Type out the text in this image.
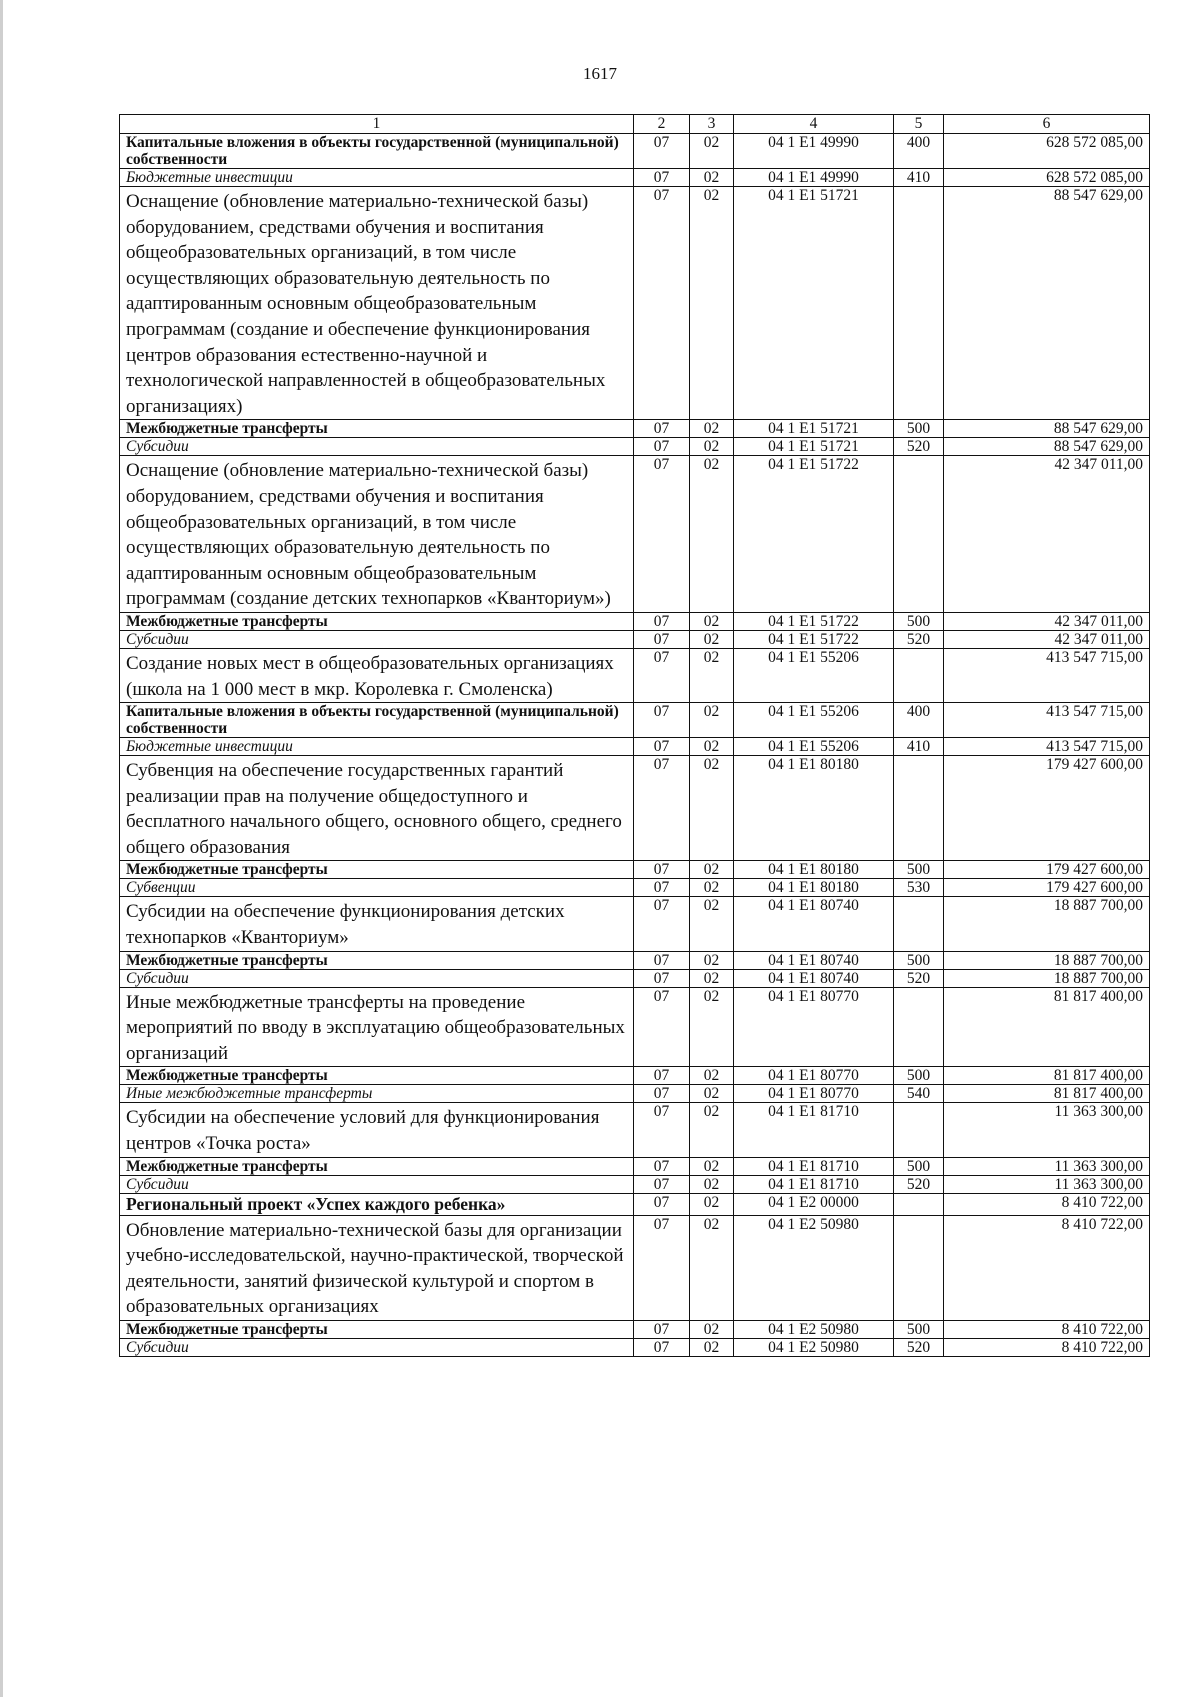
1617
1	2	3	4	5	6
Капитальные вложения в объекты государственной (муниципальной) собственности	07	02	04 1 E1 49990	400	628 572 085,00
Бюджетные инвестиции	07	02	04 1 E1 49990	410	628 572 085,00
Оснащение (обновление материально-технической базы) оборудованием, средствами обучения и воспитания общеобразовательных организаций, в том числе осуществляющих образовательную деятельность по адаптированным основным общеобразовательным программам (создание и обеспечение функционирования центров образования естественно-научной и технологической направленностей в общеобразовательных организациях)	07	02	04 1 E1 51721		88 547 629,00
Межбюджетные трансферты	07	02	04 1 E1 51721	500	88 547 629,00
Субсидии	07	02	04 1 E1 51721	520	88 547 629,00
Оснащение (обновление материально-технической базы) оборудованием, средствами обучения и воспитания общеобразовательных организаций, в том числе осуществляющих образовательную деятельность по адаптированным основным общеобразовательным программам (создание детских технопарков «Кванториум»)	07	02	04 1 E1 51722		42 347 011,00
Межбюджетные трансферты	07	02	04 1 E1 51722	500	42 347 011,00
Субсидии	07	02	04 1 E1 51722	520	42 347 011,00
Создание новых мест в общеобразовательных организациях (школа на 1 000 мест в мкр. Королевка г. Смоленска)	07	02	04 1 E1 55206		413 547 715,00
Капитальные вложения в объекты государственной (муниципальной) собственности	07	02	04 1 E1 55206	400	413 547 715,00
Бюджетные инвестиции	07	02	04 1 E1 55206	410	413 547 715,00
Субвенция на обеспечение государственных гарантий реализации прав на получение общедоступного и бесплатного начального общего, основного общего, среднего общего образования	07	02	04 1 E1 80180		179 427 600,00
Межбюджетные трансферты	07	02	04 1 E1 80180	500	179 427 600,00
Субвенции	07	02	04 1 E1 80180	530	179 427 600,00
Субсидии на обеспечение функционирования детских технопарков «Кванториум»	07	02	04 1 E1 80740		18 887 700,00
Межбюджетные трансферты	07	02	04 1 E1 80740	500	18 887 700,00
Субсидии	07	02	04 1 E1 80740	520	18 887 700,00
Иные межбюджетные трансферты на проведение мероприятий по вводу в эксплуатацию общеобразовательных организаций	07	02	04 1 E1 80770		81 817 400,00
Межбюджетные трансферты	07	02	04 1 E1 80770	500	81 817 400,00
Иные межбюджетные трансферты	07	02	04 1 E1 80770	540	81 817 400,00
Субсидии на обеспечение условий для функционирования центров «Точка роста»	07	02	04 1 E1 81710		11 363 300,00
Межбюджетные трансферты	07	02	04 1 E1 81710	500	11 363 300,00
Субсидии	07	02	04 1 E1 81710	520	11 363 300,00
Региональный проект «Успех каждого ребенка»	07	02	04 1 E2 00000		8 410 722,00
Обновление материально-технической базы для организации учебно-исследовательской, научно-практической, творческой деятельности, занятий физической культурой и спортом в образовательных организациях	07	02	04 1 E2 50980		8 410 722,00
Межбюджетные трансферты	07	02	04 1 E2 50980	500	8 410 722,00
Субсидии	07	02	04 1 E2 50980	520	8 410 722,00
